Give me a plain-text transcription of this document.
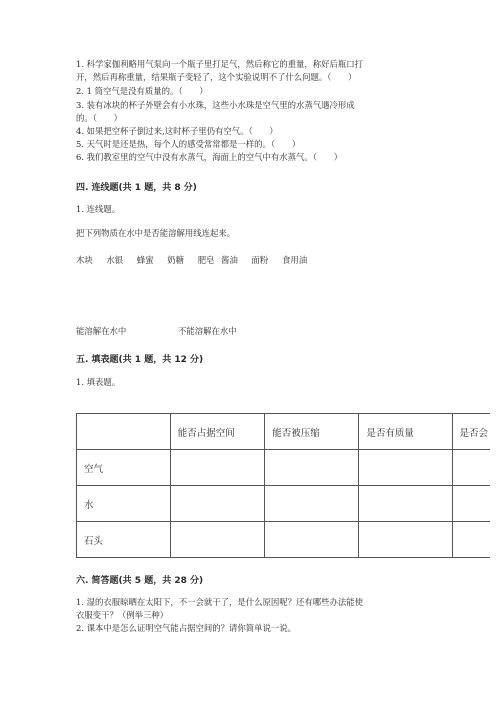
1. 科学家伽利略用气泵向一个瓶子里打足气，然后称它的重量，称好后瓶口打
开，然后再称重量，结果瓶子变轻了，这个实验说明不了什么问题。（　　）
2. 1 筒空气是没有质量的。（　　）
3. 装有冰块的杯子外壁会有小水珠，这些小水珠是空气里的水蒸气遇冷形成
的。（　　）
4. 如果把空杯子倒过来,这时杯子里仍有空气。（　　）
5. 天气时是还是热，每个人的感受常常都是一样的。（　　）
6. 我们教室里的空气中没有水蒸气，海面上的空气中有水蒸气。（　　）
四. 连线题(共 1 题，共 8 分)
1. 连线题。
把下列物质在水中是否能溶解用线连起来。
木块 水银 蜂蜜 奶糖 肥皂 酱油 面粉 食用油
能溶解在水中	不能溶解在水中
五. 填表题(共 1 题，共 12 分)
1. 填表题。
	能否占据空间	能否被压缩	是否有质量	是否会
空气				
水				
石头				
六. 简答题(共 5 题，共 28 分)
1. 湿的衣服晾晒在太阳下，不一会就干了，是什么原因呢？还有哪些办法能使
衣服变干？（例举三种）
2. 课本中是怎么证明空气能占据空间的？请你简单说一说。
